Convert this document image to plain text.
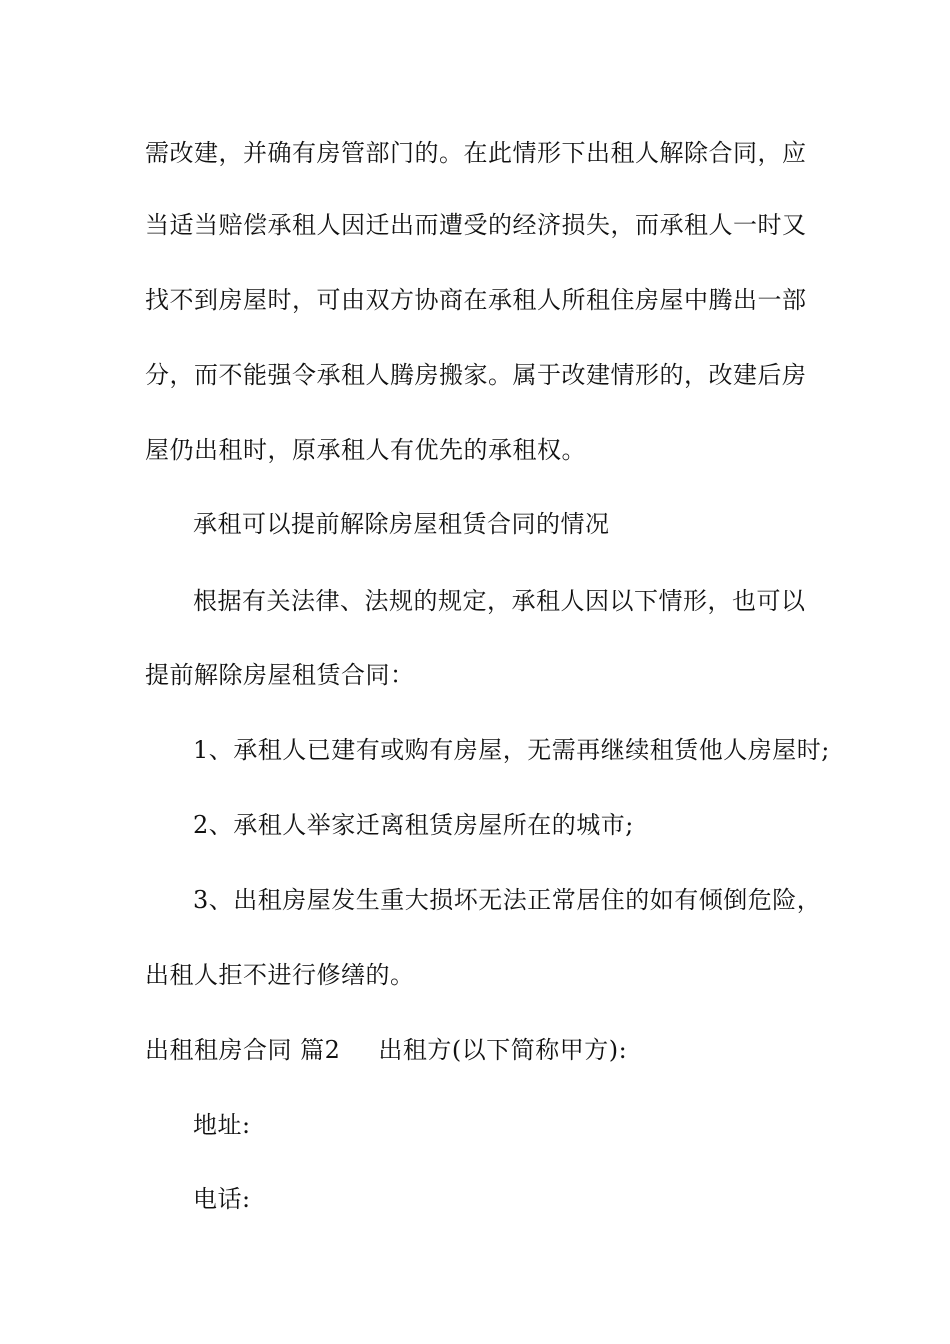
需改建，并确有房管部门的。在此情形下出租人解除合同，应
当适当赔偿承租人因迁出而遭受的经济损失，而承租人一时又
找不到房屋时，可由双方协商在承租人所租住房屋中腾出一部
分，而不能强令承租人腾房搬家。属于改建情形的，改建后房
屋仍出租时，原承租人有优先的承租权。
承租可以提前解除房屋租赁合同的情况
根据有关法律、法规的规定，承租人因以下情形，也可以
提前解除房屋租赁合同：
1、承租人已建有或购有房屋，无需再继续租赁他人房屋时;
2、承租人举家迁离租赁房屋所在的城市;
3、出租房屋发生重大损坏无法正常居住的如有倾倒危险，
出租人拒不进行修缮的。
出租租房合同 篇2 出租方(以下简称甲方):
地址:
电话:
